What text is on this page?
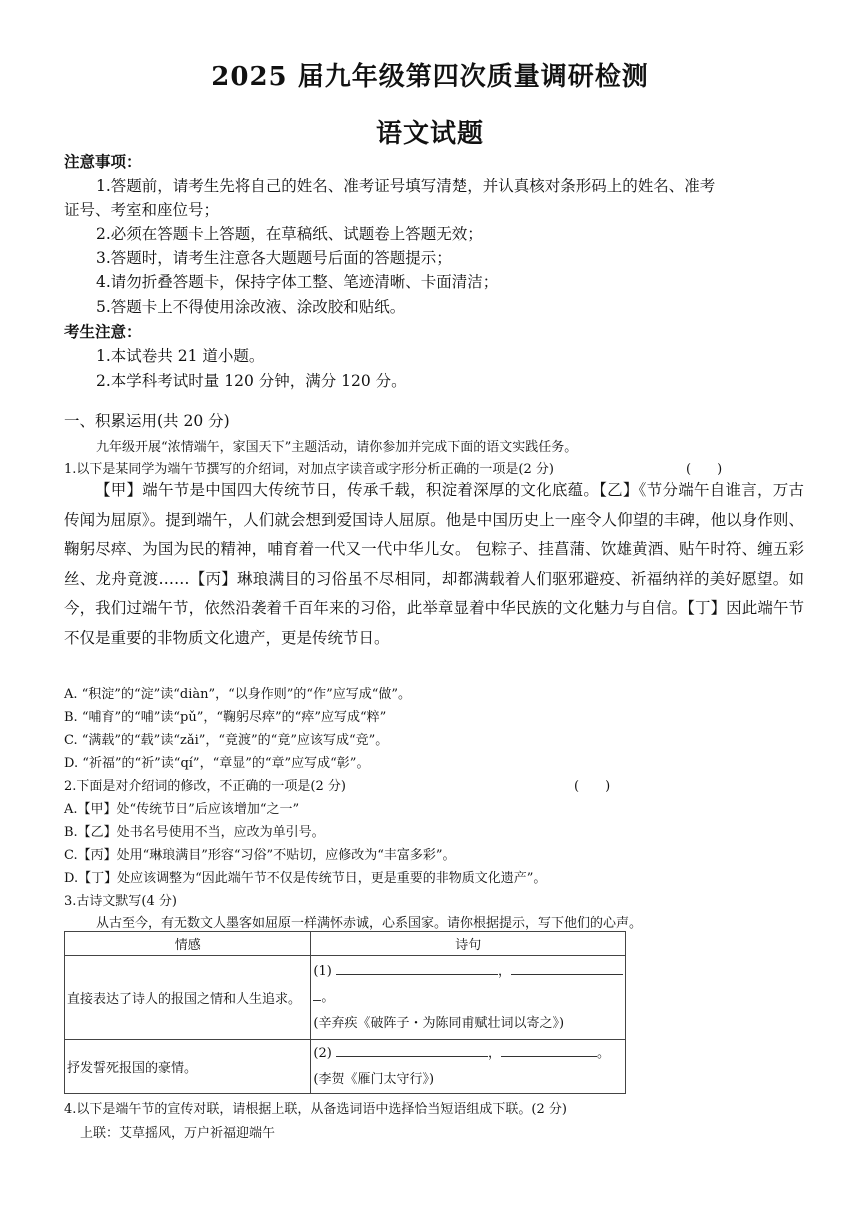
2025 届九年级第四次质量调研检测
语文试题
注意事项：
1.答题前，请考生先将自己的姓名、准考证号填写清楚，并认真核对条形码上的姓名、准考
证号、考室和座位号；
2.必须在答题卡上答题，在草稿纸、试题卷上答题无效；
3.答题时，请考生注意各大题题号后面的答题提示；
4.请勿折叠答题卡，保持字体工整、笔迹清晰、卡面清洁；
5.答题卡上不得使用涂改液、涂改胶和贴纸。
考生注意：
1.本试卷共 21 道小题。
2.本学科考试时量 120 分钟，满分 120 分。
一、积累运用(共 20 分)
九年级开展“浓情端午，家国天下”主题活动，请你参加并完成下面的语文实践任务。
1.以下是某同学为端午节撰写的介绍词，对加点字读音或字形分析正确的一项是(2 分)	(　　)
【甲】端午节是中国四大传统节日，传承千载，积淀着深厚的文化底蕴。【乙】《节分端午自谁言，万古传闻为屈原》。提到端午，人们就会想到爱国诗人屈原。他是中国历史上一座令人仰望的丰碑，他以身作则、鞠躬尽瘁、为国为民的精神，哺育着一代又一代中华儿女。 包粽子、挂菖蒲、饮雄黄酒、贴午时符、缠五彩丝、龙舟竟渡……【丙】琳琅满目的习俗虽不尽相同，却都满载着人们驱邪避疫、祈福纳祥的美好愿望。如今，我们过端午节，依然沿袭着千百年来的习俗，此举章显着中华民族的文化魅力与自信。【丁】因此端午节不仅是重要的非物质文化遗产，更是传统节日。
A. “积淀”的“淀”读“diàn”，“以身作则”的“作”应写成“做”。
B. “哺育”的“哺”读“pǔ”，“鞠躬尽瘁”的“瘁”应写成“粹”
C. “满载”的“载”读“zǎi”，“竟渡”的“竟”应该写成“竞”。
D. “祈福”的“祈”读“qí”，“章显”的“章”应写成“彰”。
2.下面是对介绍词的修改，不正确的一项是(2 分)	(　　)
A.【甲】处“传统节日”后应该增加“之一”
B.【乙】处书名号使用不当，应改为单引号。
C.【丙】处用“琳琅满目”形容“习俗”不贴切，应修改为“丰富多彩”。
D.【丁】处应该调整为“因此端午节不仅是传统节日，更是重要的非物质文化遗产”。
3.古诗文默写(4 分)
从古至今，有无数文人墨客如屈原一样满怀赤诚，心系国家。请你根据提示，写下他们的心声。
情感	诗句
直接表达了诗人的报国之情和人生追求。	(1) ，
。
(辛弃疾《破阵子・为陈同甫赋壮词以寄之》)

抒发誓死报国的豪情。	(2) ， 。
(李贺《雁门太守行》)
4.以下是端午节的宣传对联，请根据上联，从备选词语中选择恰当短语组成下联。(2 分)
上联：艾草摇风，万户祈福迎端午
